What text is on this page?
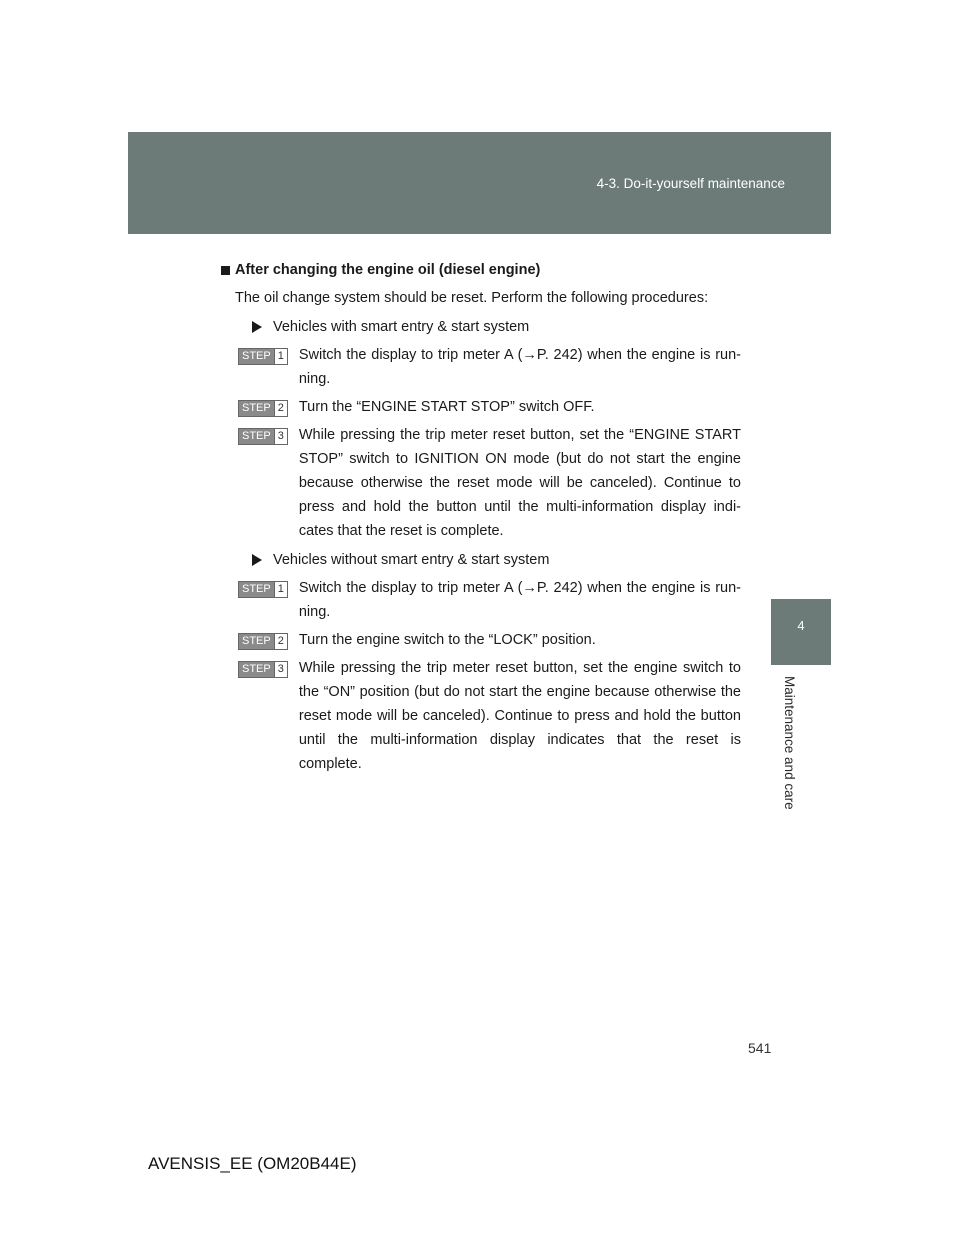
4-3. Do-it-yourself maintenance
4
Maintenance and care
After changing the engine oil (diesel engine)
The oil change system should be reset. Perform the following procedures:
Vehicles with smart entry & start system
STEP 1 Switch the display to trip meter A (→P. 242) when the engine is run-ning.
STEP 2 Turn the “ENGINE START STOP” switch OFF.
STEP 3 While pressing the trip meter reset button, set the “ENGINE START STOP” switch to IGNITION ON mode (but do not start the engine because otherwise the reset mode will be canceled). Continue to press and hold the button until the multi-information display indi-cates that the reset is complete.
Vehicles without smart entry & start system
STEP 1 Switch the display to trip meter A (→P. 242) when the engine is run-ning.
STEP 2 Turn the engine switch to the “LOCK” position.
STEP 3 While pressing the trip meter reset button, set the engine switch to the “ON” position (but do not start the engine because otherwise the reset mode will be canceled). Continue to press and hold the button until the multi-information display indicates that the reset is complete.
541
AVENSIS_EE (OM20B44E)
